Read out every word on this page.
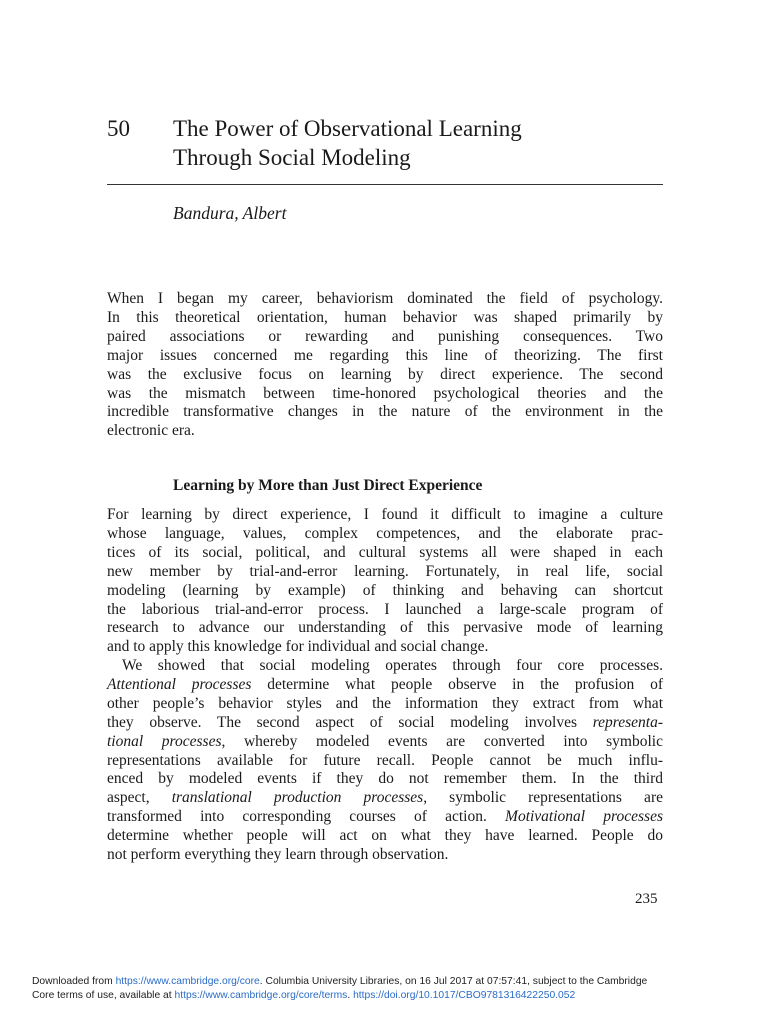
50 The Power of Observational Learning
Through Social Modeling
Bandura, Albert
When I began my career, behaviorism dominated the field of psychology.
In this theoretical orientation, human behavior was shaped primarily by
paired associations or rewarding and punishing consequences. Two
major issues concerned me regarding this line of theorizing. The first
was the exclusive focus on learning by direct experience. The second
was the mismatch between time-honored psychological theories and the
incredible transformative changes in the nature of the environment in the
electronic era.
Learning by More than Just Direct Experience
For learning by direct experience, I found it difficult to imagine a culture
whose language, values, complex competences, and the elaborate prac-
tices of its social, political, and cultural systems all were shaped in each
new member by trial-and-error learning. Fortunately, in real life, social
modeling (learning by example) of thinking and behaving can shortcut
the laborious trial-and-error process. I launched a large-scale program of
research to advance our understanding of this pervasive mode of learning
and to apply this knowledge for individual and social change.
We showed that social modeling operates through four core processes.
Attentional processes determine what people observe in the profusion of
other people’s behavior styles and the information they extract from what
they observe. The second aspect of social modeling involves representa-
tional processes, whereby modeled events are converted into symbolic
representations available for future recall. People cannot be much influ-
enced by modeled events if they do not remember them. In the third
aspect, translational production processes, symbolic representations are
transformed into corresponding courses of action. Motivational processes
determine whether people will act on what they have learned. People do
not perform everything they learn through observation.
235
Downloaded from https://www.cambridge.org/core. Columbia University Libraries, on 16 Jul 2017 at 07:57:41, subject to the Cambridge
Core terms of use, available at https://www.cambridge.org/core/terms. https://doi.org/10.1017/CBO9781316422250.052
